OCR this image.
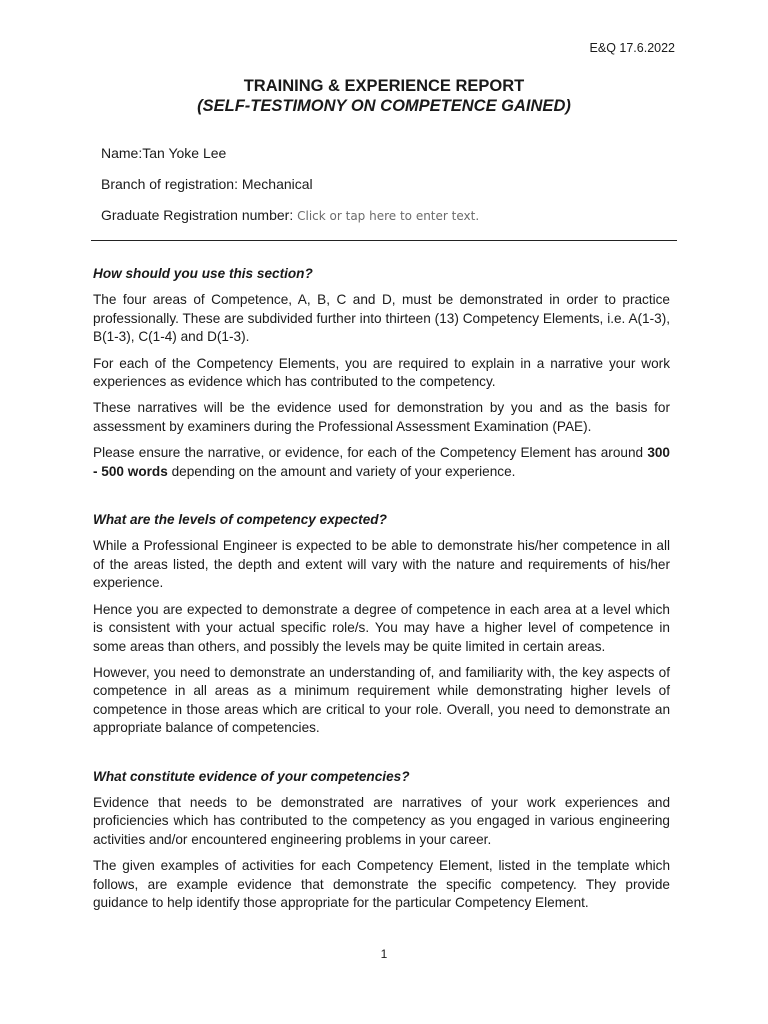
E&Q 17.6.2022
TRAINING & EXPERIENCE REPORT
(SELF-TESTIMONY ON COMPETENCE GAINED)
Name:Tan Yoke Lee
Branch of registration: Mechanical
Graduate Registration number: Click or tap here to enter text.
How should you use this section?

The four areas of Competence, A, B, C and D, must be demonstrated in order to practice professionally. These are subdivided further into thirteen (13) Competency Elements, i.e. A(1-3), B(1-3), C(1-4) and D(1-3).

For each of the Competency Elements, you are required to explain in a narrative your work experiences as evidence which has contributed to the competency.

These narratives will be the evidence used for demonstration by you and as the basis for assessment by examiners during the Professional Assessment Examination (PAE).

Please ensure the narrative, or evidence, for each of the Competency Element has around 300 - 500 words depending on the amount and variety of your experience.

What are the levels of competency expected?

While a Professional Engineer is expected to be able to demonstrate his/her competence in all of the areas listed, the depth and extent will vary with the nature and requirements of his/her experience.

Hence you are expected to demonstrate a degree of competence in each area at a level which is consistent with your actual specific role/s. You may have a higher level of competence in some areas than others, and possibly the levels may be quite limited in certain areas.

However, you need to demonstrate an understanding of, and familiarity with, the key aspects of competence in all areas as a minimum requirement while demonstrating higher levels of competence in those areas which are critical to your role. Overall, you need to demonstrate an appropriate balance of competencies.

What constitute evidence of your competencies?

Evidence that needs to be demonstrated are narratives of your work experiences and proficiencies which has contributed to the competency as you engaged in various engineering activities and/or encountered engineering problems in your career.

The given examples of activities for each Competency Element, listed in the template which follows, are example evidence that demonstrate the specific competency. They provide guidance to help identify those appropriate for the particular Competency Element.

1
